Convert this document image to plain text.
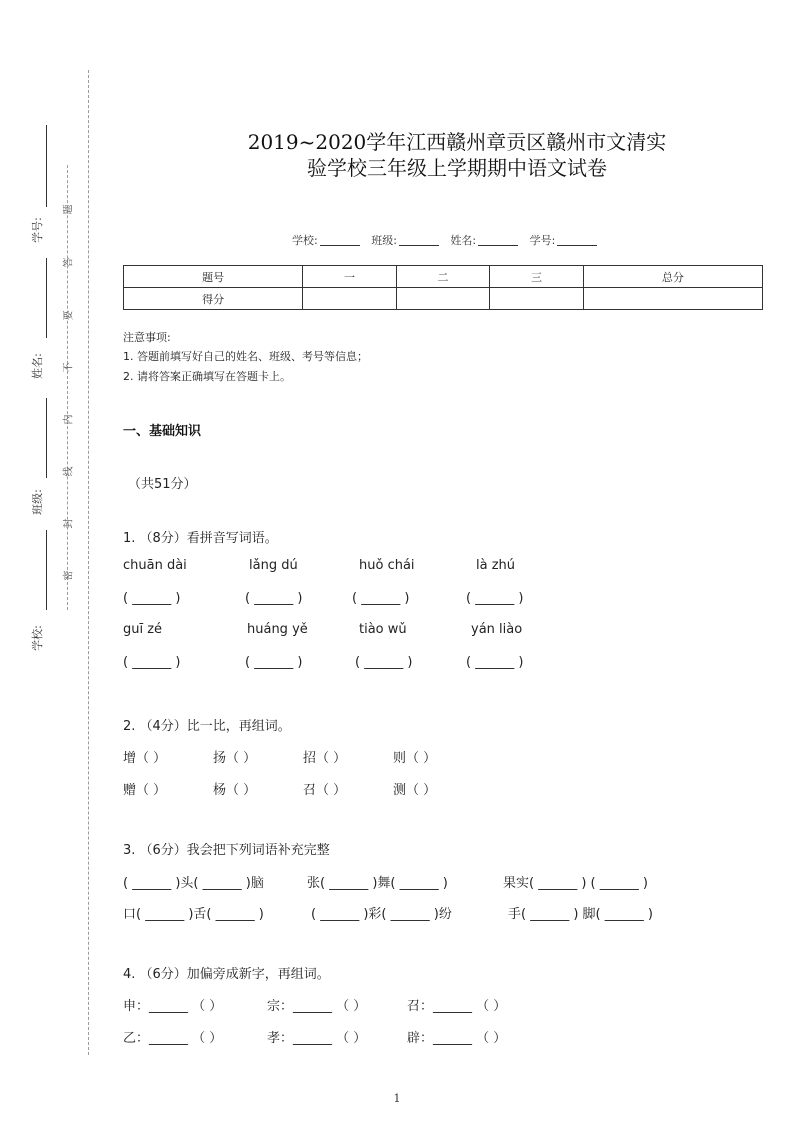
学号:
姓名:
班级:
学校:
题
答
要
不
内
线
封
密
2019~2020学年江西赣州章贡区赣州市文清实
验学校三年级上学期期中语文试卷
学校:	班级:	姓名:	学号:
题号	一	二	三	总分
得分				
注意事项:
1. 答题前填写好自己的姓名、班级、考号等信息；
2. 请将答案正确填写在答题卡上。
一、基础知识
（共51分）
1. （8分）看拼音写词语。
chuān dài	lǎng dú	huǒ chái	là zhú
( ______ )	( ______ )	( ______ )	( ______ )
guī zé	huáng yě	tiào wǔ	yán liào
( ______ )	( ______ )	( ______ )	( ______ )
2. （4分）比一比，再组词。
增（ ）	扬（ ）	招（ ）	则（ ）
赠（ ）	杨（ ）	召（ ）	测（ ）
3. （6分）我会把下列词语补充完整
( ______ )头( ______ )脑	张( ______ )舞( ______ )	果实( ______ ) ( ______ )
口( ______ )舌( ______ )	( ______ )彩( ______ )纷	手( ______ ) 脚( ______ )
4. （6分）加偏旁成新字，再组词。
申：______ （ ）	宗：______ （ ）	召：______ （ ）
乙：______ （ ）	孝：______ （ ）	辟：______ （ ）
1
